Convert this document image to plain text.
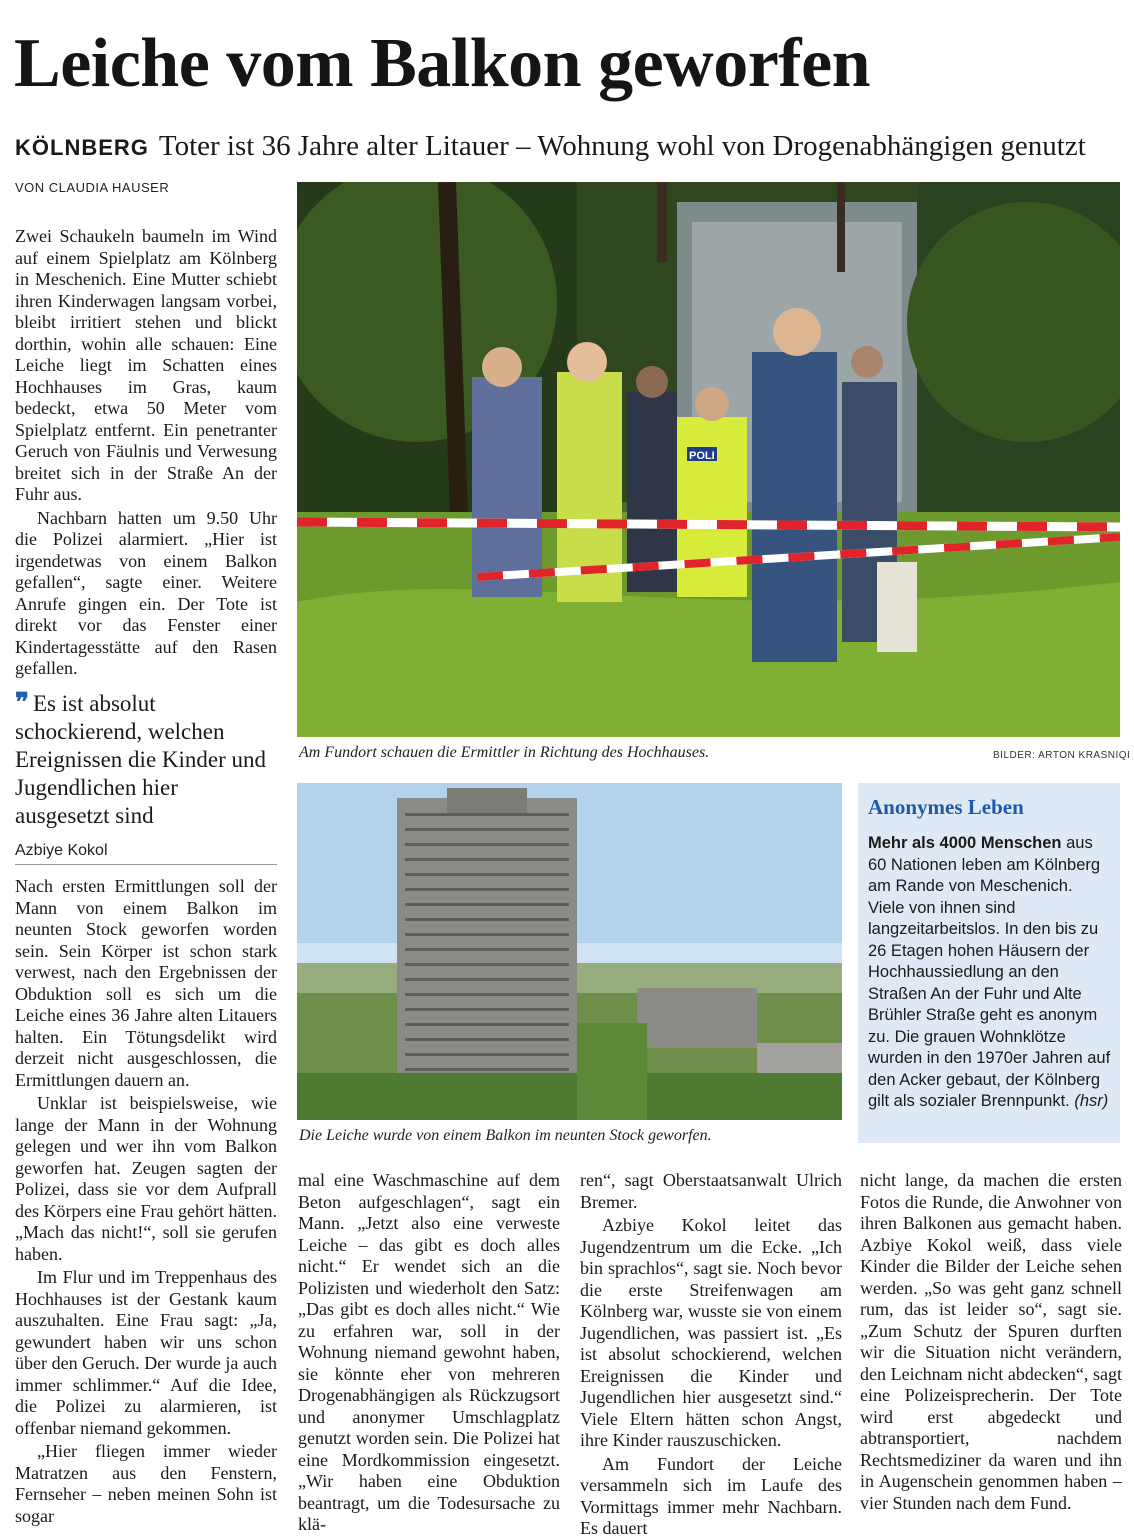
Leiche vom Balkon geworfen
KÖLNBERG Toter ist 36 Jahre alter Litauer – Wohnung wohl von Drogenabhängigen genutzt
VON CLAUDIA HAUSER

Zwei Schaukeln baumeln im Wind auf einem Spielplatz am Kölnberg in Meschenich. Eine Mutter schiebt ihren Kinderwagen langsam vorbei, bleibt irritiert stehen und blickt dorthin, wohin alle schauen: Eine Leiche liegt im Schatten eines Hochhauses im Gras, kaum bedeckt, etwa 50 Meter vom Spielplatz entfernt. Ein penetranter Geruch von Fäulnis und Verwesung breitet sich in der Straße An der Fuhr aus.

Nachbarn hatten um 9.50 Uhr die Polizei alarmiert. „Hier ist irgendetwas von einem Balkon gefallen“, sagte einer. Weitere Anrufe gingen ein. Der Tote ist direkt vor das Fenster einer Kindertagesstätte auf den Rasen gefallen.

❞ Es ist absolut schockierend, welchen Ereignissen die Kinder und Jugendlichen hier ausgesetzt sind
Azbiye Kokol

Nach ersten Ermittlungen soll der Mann von einem Balkon im neunten Stock geworfen worden sein. Sein Körper ist schon stark verwest, nach den Ergebnissen der Obduktion soll es sich um die Leiche eines 36 Jahre alten Litauers halten. Ein Tötungsdelikt wird derzeit nicht ausgeschlossen, die Ermittlungen dauern an.

Unklar ist beispielsweise, wie lange der Mann in der Wohnung gelegen und wer ihn vom Balkon geworfen hat. Zeugen sagten der Polizei, dass sie vor dem Aufprall des Körpers eine Frau gehört hätten. „Mach das nicht!“, soll sie gerufen haben.

Im Flur und im Treppenhaus des Hochhauses ist der Gestank kaum auszuhalten. Eine Frau sagt: „Ja, gewundert haben wir uns schon über den Geruch. Der wurde ja auch immer schlimmer.“ Auf die Idee, die Polizei zu alarmieren, ist offenbar niemand gekommen.

„Hier fliegen immer wieder Matratzen aus den Fenstern, Fernseher – neben meinen Sohn ist sogar

POLI
Am Fundort schauen die Ermittler in Richtung des Hochhauses.	BILDER: ARTON KRASNIQI
Die Leiche wurde von einem Balkon im neunten Stock geworfen.
Anonymes Leben
Mehr als 4000 Menschen aus 60 Nationen leben am Kölnberg am Rande von Meschenich. Viele von ihnen sind langzeitarbeitslos. In den bis zu 26 Etagen hohen Häusern der Hochhaussiedlung an den Straßen An der Fuhr und Alte Brühler Straße geht es anonym zu. Die grauen Wohnklötze wurden in den 1970er Jahren auf den Acker gebaut, der Kölnberg gilt als sozialer Brennpunkt. (hsr)

mal eine Waschmaschine auf dem Beton aufgeschlagen“, sagt ein Mann. „Jetzt also eine verweste Leiche – das gibt es doch alles nicht.“ Er wendet sich an die Polizisten und wiederholt den Satz: „Das gibt es doch alles nicht.“ Wie zu erfahren war, soll in der Wohnung niemand gewohnt haben, sie könnte eher von mehreren Drogenabhängigen als Rückzugsort und anonymer Umschlagplatz genutzt worden sein. Die Polizei hat eine Mordkommission eingesetzt. „Wir haben eine Obduktion beantragt, um die Todesursache zu klä-

ren“, sagt Oberstaatsanwalt Ulrich Bremer.

Azbiye Kokol leitet das Jugendzentrum um die Ecke. „Ich bin sprachlos“, sagt sie. Noch bevor die erste Streifenwagen am Kölnberg war, wusste sie von einem Jugendlichen, was passiert ist. „Es ist absolut schockierend, welchen Ereignissen die Kinder und Jugendlichen hier ausgesetzt sind.“ Viele Eltern hätten schon Angst, ihre Kinder rauszuschicken.

Am Fundort der Leiche versammeln sich im Laufe des Vormittags immer mehr Nachbarn. Es dauert

nicht lange, da machen die ersten Fotos die Runde, die Anwohner von ihren Balkonen aus gemacht haben. Azbiye Kokol weiß, dass viele Kinder die Bilder der Leiche sehen werden. „So was geht ganz schnell rum, das ist leider so“, sagt sie. „Zum Schutz der Spuren durften wir die Situation nicht verändern, den Leichnam nicht abdecken“, sagt eine Polizeisprecherin. Der Tote wird erst abgedeckt und abtransportiert, nachdem Rechtsmediziner da waren und ihn in Augenschein genommen haben – vier Stunden nach dem Fund.
